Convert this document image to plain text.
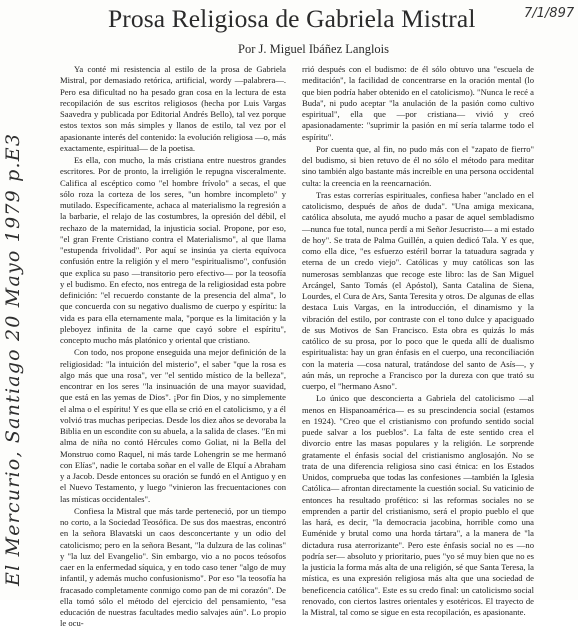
Prosa Religiosa de Gabriela Mistral	7/1/897
Por J. Miguel Ibáñez Langlois
El Mercurio, Santiago 20 Mayo 1979 p.E3

Ya conté mi resistencia al estilo de la prosa de Gabriela Mistral, por demasiado retórica, artificial, wordy —palabrera—. Pero esa dificultad no ha pesado gran cosa en la lectura de esta recopilación de sus escritos religiosos (hecha por Luis Vargas Saavedra y publicada por Editorial Andrés Bello), tal vez porque estos textos son más simples y llanos de estilo, tal vez por el apasionante interés del contenido: la evolución religiosa —o, más exactamente, espiritual— de la poetisa.

Es ella, con mucho, la más cristiana entre nuestros grandes escritores. Por de pronto, la irreligión le repugna visceralmente. Califica al escéptico como "el hombre frívolo" a secas, el que sólo roza la corteza de los seres, "un hombre incompleto" y mutilado. Específicamente, achaca al materialismo la regresión a la barbarie, el relajo de las costumbres, la opresión del débil, el rechazo de la maternidad, la injusticia social. Propone, por eso, "el gran Frente Cristiano contra el Materialismo", al que llama "estupenda frivolidad". Por aquí se insinúa ya cierta equívoca confusión entre la religión y el mero "espiritualismo", confusión que explica su paso —transitorio pero efectivo— por la teosofía y el budismo. En efecto, nos entrega de la religiosidad esta pobre definición: "el recuerdo constante de la presencia del alma", lo que concuerda con su negativo dualismo de cuerpo y espíritu: la vida es para ella eternamente mala, "porque es la limitación y la pleboyez infinita de la carne que cayó sobre el espíritu", concepto mucho más platónico y oriental que cristiano.

Con todo, nos propone enseguida una mejor definición de la religiosidad: "la intuición del misterio", el saber "que la rosa es algo más que una rosa", ver "el sentido místico de la belleza", encontrar en los seres "la insinuación de una mayor suavidad, que está en las yemas de Dios". ¡Por fin Dios, y no simplemente el alma o el espíritu! Y es que ella se crió en el catolicismo, y a él volvió tras muchas peripecias. Desde los diez años se devoraba la Biblia en un escondite con su abuela, a la salida de clases. "En mi alma de niña no contó Hércules como Goliat, ni la Bella del Monstruo como Raquel, ni más tarde Lohengrin se me hermanó con Elías", nadie le cortaba soñar en el valle de Elquí a Abraham y a Jacob. Desde entonces su oración se fundó en el Antiguo y en el Nuevo Testamento, y luego "vinieron las frecuentaciones con las místicas occidentales".

Confiesa la Mistral que más tarde perteneció, por un tiempo no corto, a la Sociedad Teosófica. De sus dos maestras, encontró en la señora Blavatski un caos desconcertante y un odio del catolicismo; pero en la señora Besant, "la dulzura de las colinas" y "la luz del Evangelio". Sin embargo, vio a no pocos teósofos caer en la enfermedad síquica, y en todo caso tener "algo de muy infantil, y además mucho confusionismo". Por eso "la teosofía ha fracasado completamente conmigo como pan de mi corazón". De ella tomó sólo el método del ejercicio del pensamiento, "esa educación de nuestras facultades medio salvajes aún". Lo propio le ocu-

rrió después con el budismo: de él sólo obtuvo una "escuela de meditación", la facilidad de concentrarse en la oración mental (lo que bien podría haber obtenido en el catolicismo). "Nunca le recé a Buda", ni pudo aceptar "la anulación de la pasión como cultivo espiritual", ella que —por cristiana— vivió y creó apasionadamente: "suprimir la pasión en mí sería talarme todo el espíritu".

Por cuenta que, al fin, no pudo más con el "zapato de fierro" del budismo, si bien retuvo de él no sólo el método para meditar sino también algo bastante más increíble en una persona occidental culta: la creencia en la reencarnación.

Tras estas correrías espirituales, confiesa haber "anclado en el catolicismo, después de años de duda". "Una amiga mexicana, católica absoluta, me ayudó mucho a pasar de aquel sembladismo —nunca fue total, nunca perdí a mi Señor Jesucristo— a mi estado de hoy". Se trata de Palma Guillén, a quien dedicó Tala. Y es que, como ella dice, "es esfuerzo estéril borrar la tatuadura sagrada y eterna de un credo viejo". Católicas y muy católicas son las numerosas semblanzas que recoge este libro: las de San Miguel Arcángel, Santo Tomás (el Apóstol), Santa Catalina de Siena, Lourdes, el Cura de Ars, Santa Teresita y otros. De algunas de ellas destaca Luis Vargas, en la introducción, el dinamismo y la vibración del estilo, por contraste con el tono dulce y apaciguado de sus Motivos de San Francisco. Esta obra es quizás lo más católico de su prosa, por lo poco que le queda allí de dualismo espiritualista: hay un gran énfasis en el cuerpo, una reconciliación con la materia —cosa natural, tratándose del santo de Asís—, y aún más, un reproche a Francisco por la dureza con que trató su cuerpo, el "hermano Asno".

Lo único que desconcierta a Gabriela del catolicismo —al menos en Hispanoamérica— es su prescindencia social (estamos en 1924). "Creo que el cristianismo con profundo sentido social puede salvar a los pueblos". La falta de este sentido crea el divorcio entre las masas populares y la religión. Le sorprende gratamente el énfasis social del cristianismo anglosajón. No se trata de una diferencia religiosa sino casi étnica: en los Estados Unidos, comprueba que todas las confesiones —también la Iglesia Católica— afrontan directamente la cuestión social. Su vaticinio de entonces ha resultado profético: si las reformas sociales no se emprenden a partir del cristianismo, será el propio pueblo el que las hará, es decir, "la democracia jacobina, horrible como una Euménide y brutal como una horda tártara", a la manera de "la dictadura rusa aterrorizante". Pero este énfasis social no es —no podría ser— absoluto y prioritario, pues "yo sé muy bien que no es la justicia la forma más alta de una religión, sé que Santa Teresa, la mística, es una expresión religiosa más alta que una sociedad de beneficencia católica". Este es su credo final: un catolicismo social renovado, con ciertos lastres orientales y esotéricos. El trayecto de la Mistral, tal como se sigue en esta recopilación, es apasionante.
